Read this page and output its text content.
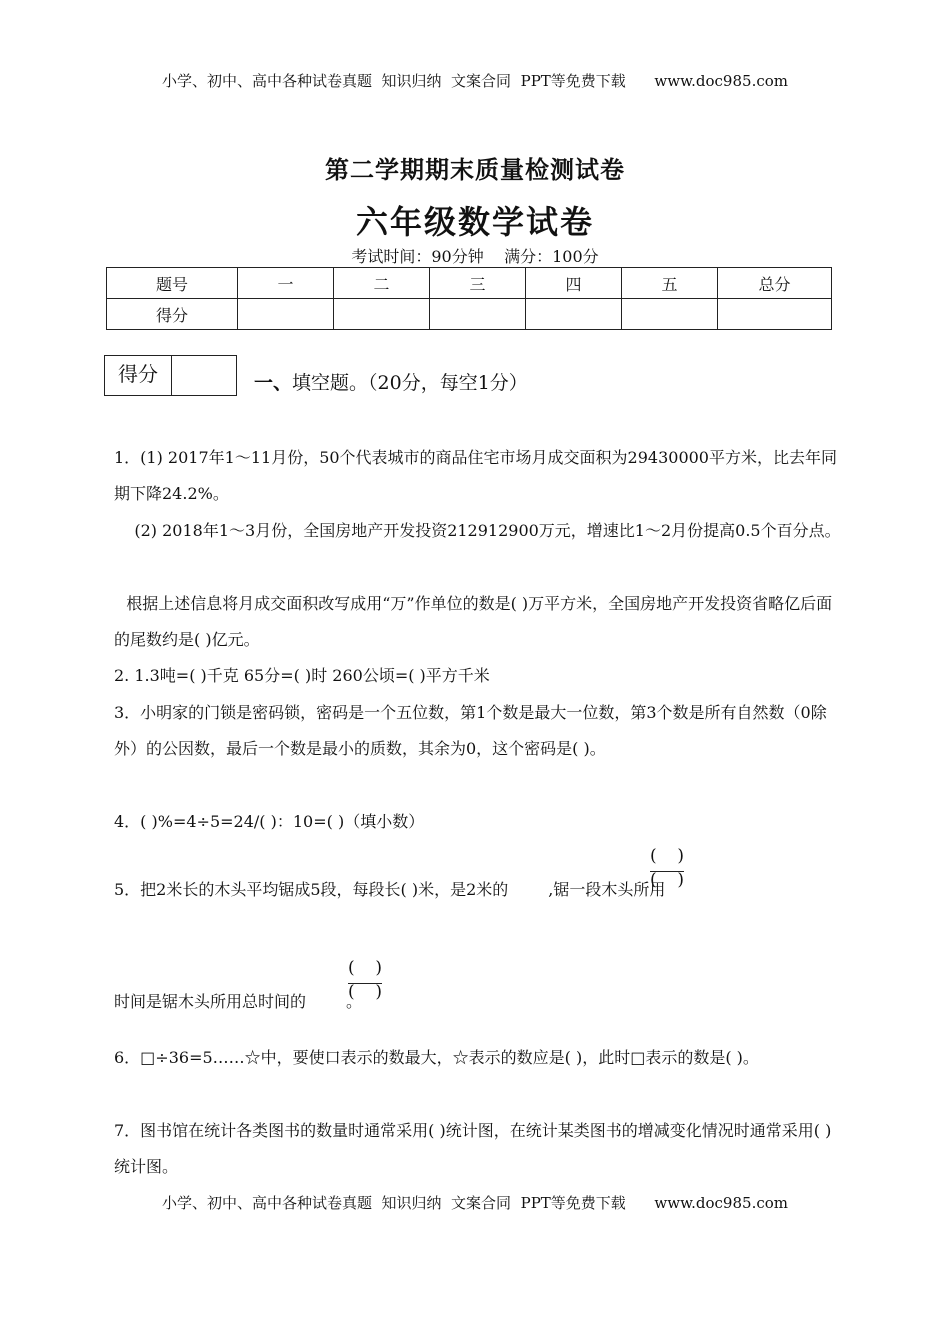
小学、初中、高中各种试卷真题  知识归纳  文案合同  PPT等免费下载      www.doc985.com
第二学期期末质量检测试卷
六年级数学试卷
考试时间：90分钟    满分：100分
题号	一	二	三	四	五	总分
得分						
得分	一、填空题。（20分，每空1分）
1．(1) 2017年1～11月份，50个代表城市的商品住宅市场月成交面积为29430000平方米，比去年同期下降24.2%。
(2) 2018年1～3月份，全国房地产开发投资212912900万元，增速比1～2月份提高0.5个百分点。
根据上述信息将月成交面积改写成用“万”作单位的数是( )万平方米，全国房地产开发投资省略亿后面的尾数约是( )亿元。
2. 1.3吨=( )千克 65分=( )时 260公顷=( )平方千米
3．小明家的门锁是密码锁，密码是一个五位数，第1个数是最大一位数，第3个数是所有自然数（0除外）的公因数，最后一个数是最小的质数，其余为0，这个密码是( )。
4．( )%=4÷5=24/( )：10=( )（填小数）
5．把2米长的木头平均锯成5段，每段长( )米，是2米的	,锯一段木头所用
( )
( )
时间是锯木头所用总时间的	。
( )
( )
6．□÷36=5……☆中，要使口表示的数最大，☆表示的数应是( )，此时□表示的数是( )。
7．图书馆在统计各类图书的数量时通常采用( )统计图，在统计某类图书的增减变化情况时通常采用( )统计图。
小学、初中、高中各种试卷真题  知识归纳  文案合同  PPT等免费下载      www.doc985.com
